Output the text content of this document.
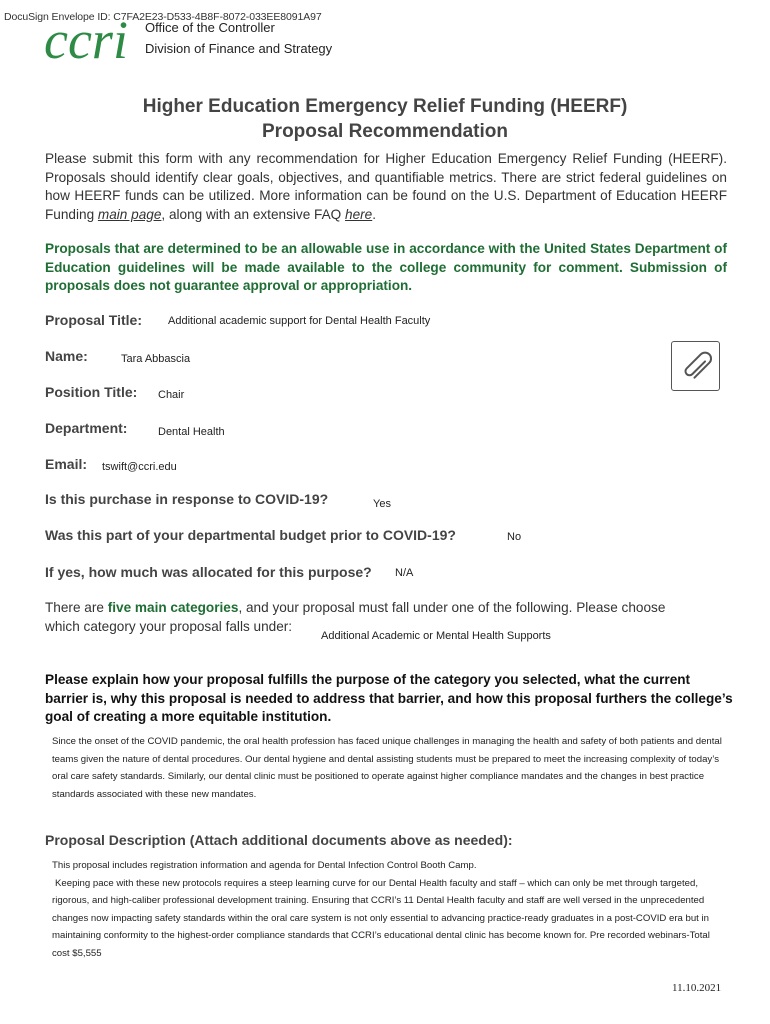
DocuSign Envelope ID: C7FA2E23-D533-4B8F-8072-033EE8091A97
ccri Office of the Controller
Division of Finance and Strategy
Higher Education Emergency Relief Funding (HEERF)
Proposal Recommendation
Please submit this form with any recommendation for Higher Education Emergency Relief Funding (HEERF). Proposals should identify clear goals, objectives, and quantifiable metrics. There are strict federal guidelines on how HEERF funds can be utilized. More information can be found on the U.S. Department of Education HEERF Funding main page, along with an extensive FAQ here.
Proposals that are determined to be an allowable use in accordance with the United States Department of Education guidelines will be made available to the college community for comment. Submission of proposals does not guarantee approval or appropriation.
Proposal Title: Additional academic support for Dental Health Faculty
Name:	Tara Abbascia
Position Title: Chair
Department:	Dental Health
Email: tswift@ccri.edu
Is this purchase in response to COVID-19?	Yes
Was this part of your departmental budget prior to COVID-19?	No
If yes, how much was allocated for this purpose? N/A
There are five main categories, and your proposal must fall under one of the following. Please choose which category your proposal falls under:
Additional Academic or Mental Health Supports
Please explain how your proposal fulfills the purpose of the category you selected, what the current barrier is, why this proposal is needed to address that barrier, and how this proposal furthers the college’s goal of creating a more equitable institution.
Since the onset of the COVID pandemic, the oral health profession has faced unique challenges in managing the health and safety of both patients and dental teams given the nature of dental procedures. Our dental hygiene and dental assisting students must be prepared to meet the increasing complexity of today’s oral care safety standards. Similarly, our dental clinic must be positioned to operate against higher compliance mandates and the changes in best practice standards associated with these new mandates.
Proposal Description (Attach additional documents above as needed):
This proposal includes registration information and agenda for Dental Infection Control Booth Camp.
Keeping pace with these new protocols requires a steep learning curve for our Dental Health faculty and staff – which can only be met through targeted, rigorous, and high-caliber professional development training. Ensuring that CCRI’s 11 Dental Health faculty and staff are well versed in the unprecedented changes now impacting safety standards within the oral care system is not only essential to advancing practice-ready graduates in a post-COVID era but in maintaining conformity to the highest-order compliance standards that CCRI’s educational dental clinic has become known for. Pre recorded webinars-Total cost $5,555
11.10.2021
